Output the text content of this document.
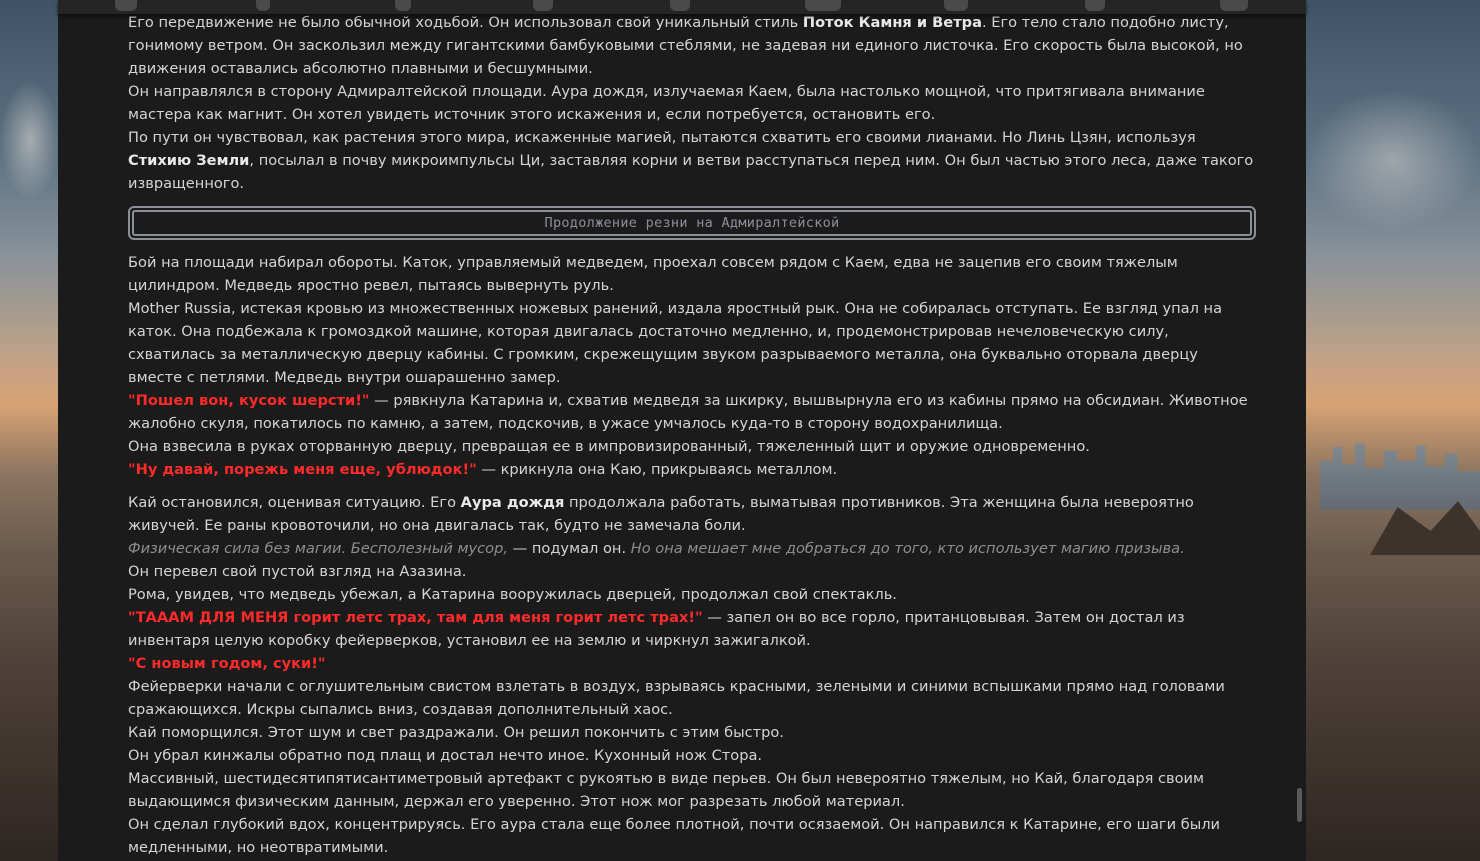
Его передвижение не было обычной ходьбой. Он использовал свой уникальный стиль Поток Камня и Ветра. Его тело стало подобно листу, гонимому ветром. Он заскользил между гигантскими бамбуковыми стеблями, не задевая ни единого листочка. Его скорость была высокой, но движения оставались абсолютно плавными и бесшумными.

Он направлялся в сторону Адмиралтейской площади. Аура дождя, излучаемая Каем, была настолько мощной, что притягивала внимание мастера как магнит. Он хотел увидеть источник этого искажения и, если потребуется, остановить его.

По пути он чувствовал, как растения этого мира, искаженные магией, пытаются схватить его своими лианами. Но Линь Цзян, используя Стихию Земли, посылал в почву микроимпульсы Ци, заставляя корни и ветви расступаться перед ним. Он был частью этого леса, даже такого извращенного.

Продолжение резни на Адмиралтейской

Бой на площади набирал обороты. Каток, управляемый медведем, проехал совсем рядом с Каем, едва не зацепив его своим тяжелым цилиндром. Медведь яростно ревел, пытаясь вывернуть руль.

Mother Russia, истекая кровью из множественных ножевых ранений, издала яростный рык. Она не собиралась отступать. Ее взгляд упал на каток. Она подбежала к громоздкой машине, которая двигалась достаточно медленно, и, продемонстрировав нечеловеческую силу, схватилась за металлическую дверцу кабины. С громким, скрежещущим звуком разрываемого металла, она буквально оторвала дверцу вместе с петлями. Медведь внутри ошарашенно замер.

"Пошел вон, кусок шерсти!" — рявкнула Катарина и, схватив медведя за шкирку, вышвырнула его из кабины прямо на обсидиан. Животное жалобно скуля, покатилось по камню, а затем, подскочив, в ужасе умчалось куда-то в сторону водохранилища.

Она взвесила в руках оторванную дверцу, превращая ее в импровизированный, тяжеленный щит и оружие одновременно.

"Ну давай, порежь меня еще, ублюдок!" — крикнула она Каю, прикрываясь металлом.

Кай остановился, оценивая ситуацию. Его Аура дождя продолжала работать, выматывая противников. Эта женщина была невероятно живучей. Ее раны кровоточили, но она двигалась так, будто не замечала боли.

Физическая сила без магии. Бесполезный мусор, — подумал он. Но она мешает мне добраться до того, кто использует магию призыва.

Он перевел свой пустой взгляд на Азазина.

Рома, увидев, что медведь убежал, а Катарина вооружилась дверцей, продолжал свой спектакль.

"ТАААМ ДЛЯ МЕНЯ горит летс трах, там для меня горит летс трах!" — запел он во все горло, пританцовывая. Затем он достал из инвентаря целую коробку фейерверков, установил ее на землю и чиркнул зажигалкой.

"С новым годом, суки!"

Фейерверки начали с оглушительным свистом взлетать в воздух, взрываясь красными, зелеными и синими вспышками прямо над головами сражающихся. Искры сыпались вниз, создавая дополнительный хаос.

Кай поморщился. Этот шум и свет раздражали. Он решил покончить с этим быстро.

Он убрал кинжалы обратно под плащ и достал нечто иное. Кухонный нож Стора.

Массивный, шестидесятипятисантиметровый артефакт с рукоятью в виде перьев. Он был невероятно тяжелым, но Кай, благодаря своим выдающимся физическим данным, держал его уверенно. Этот нож мог разрезать любой материал.

Он сделал глубокий вдох, концентрируясь. Его аура стала еще более плотной, почти осязаемой. Он направился к Катарине, его шаги были медленными, но неотвратимыми.
